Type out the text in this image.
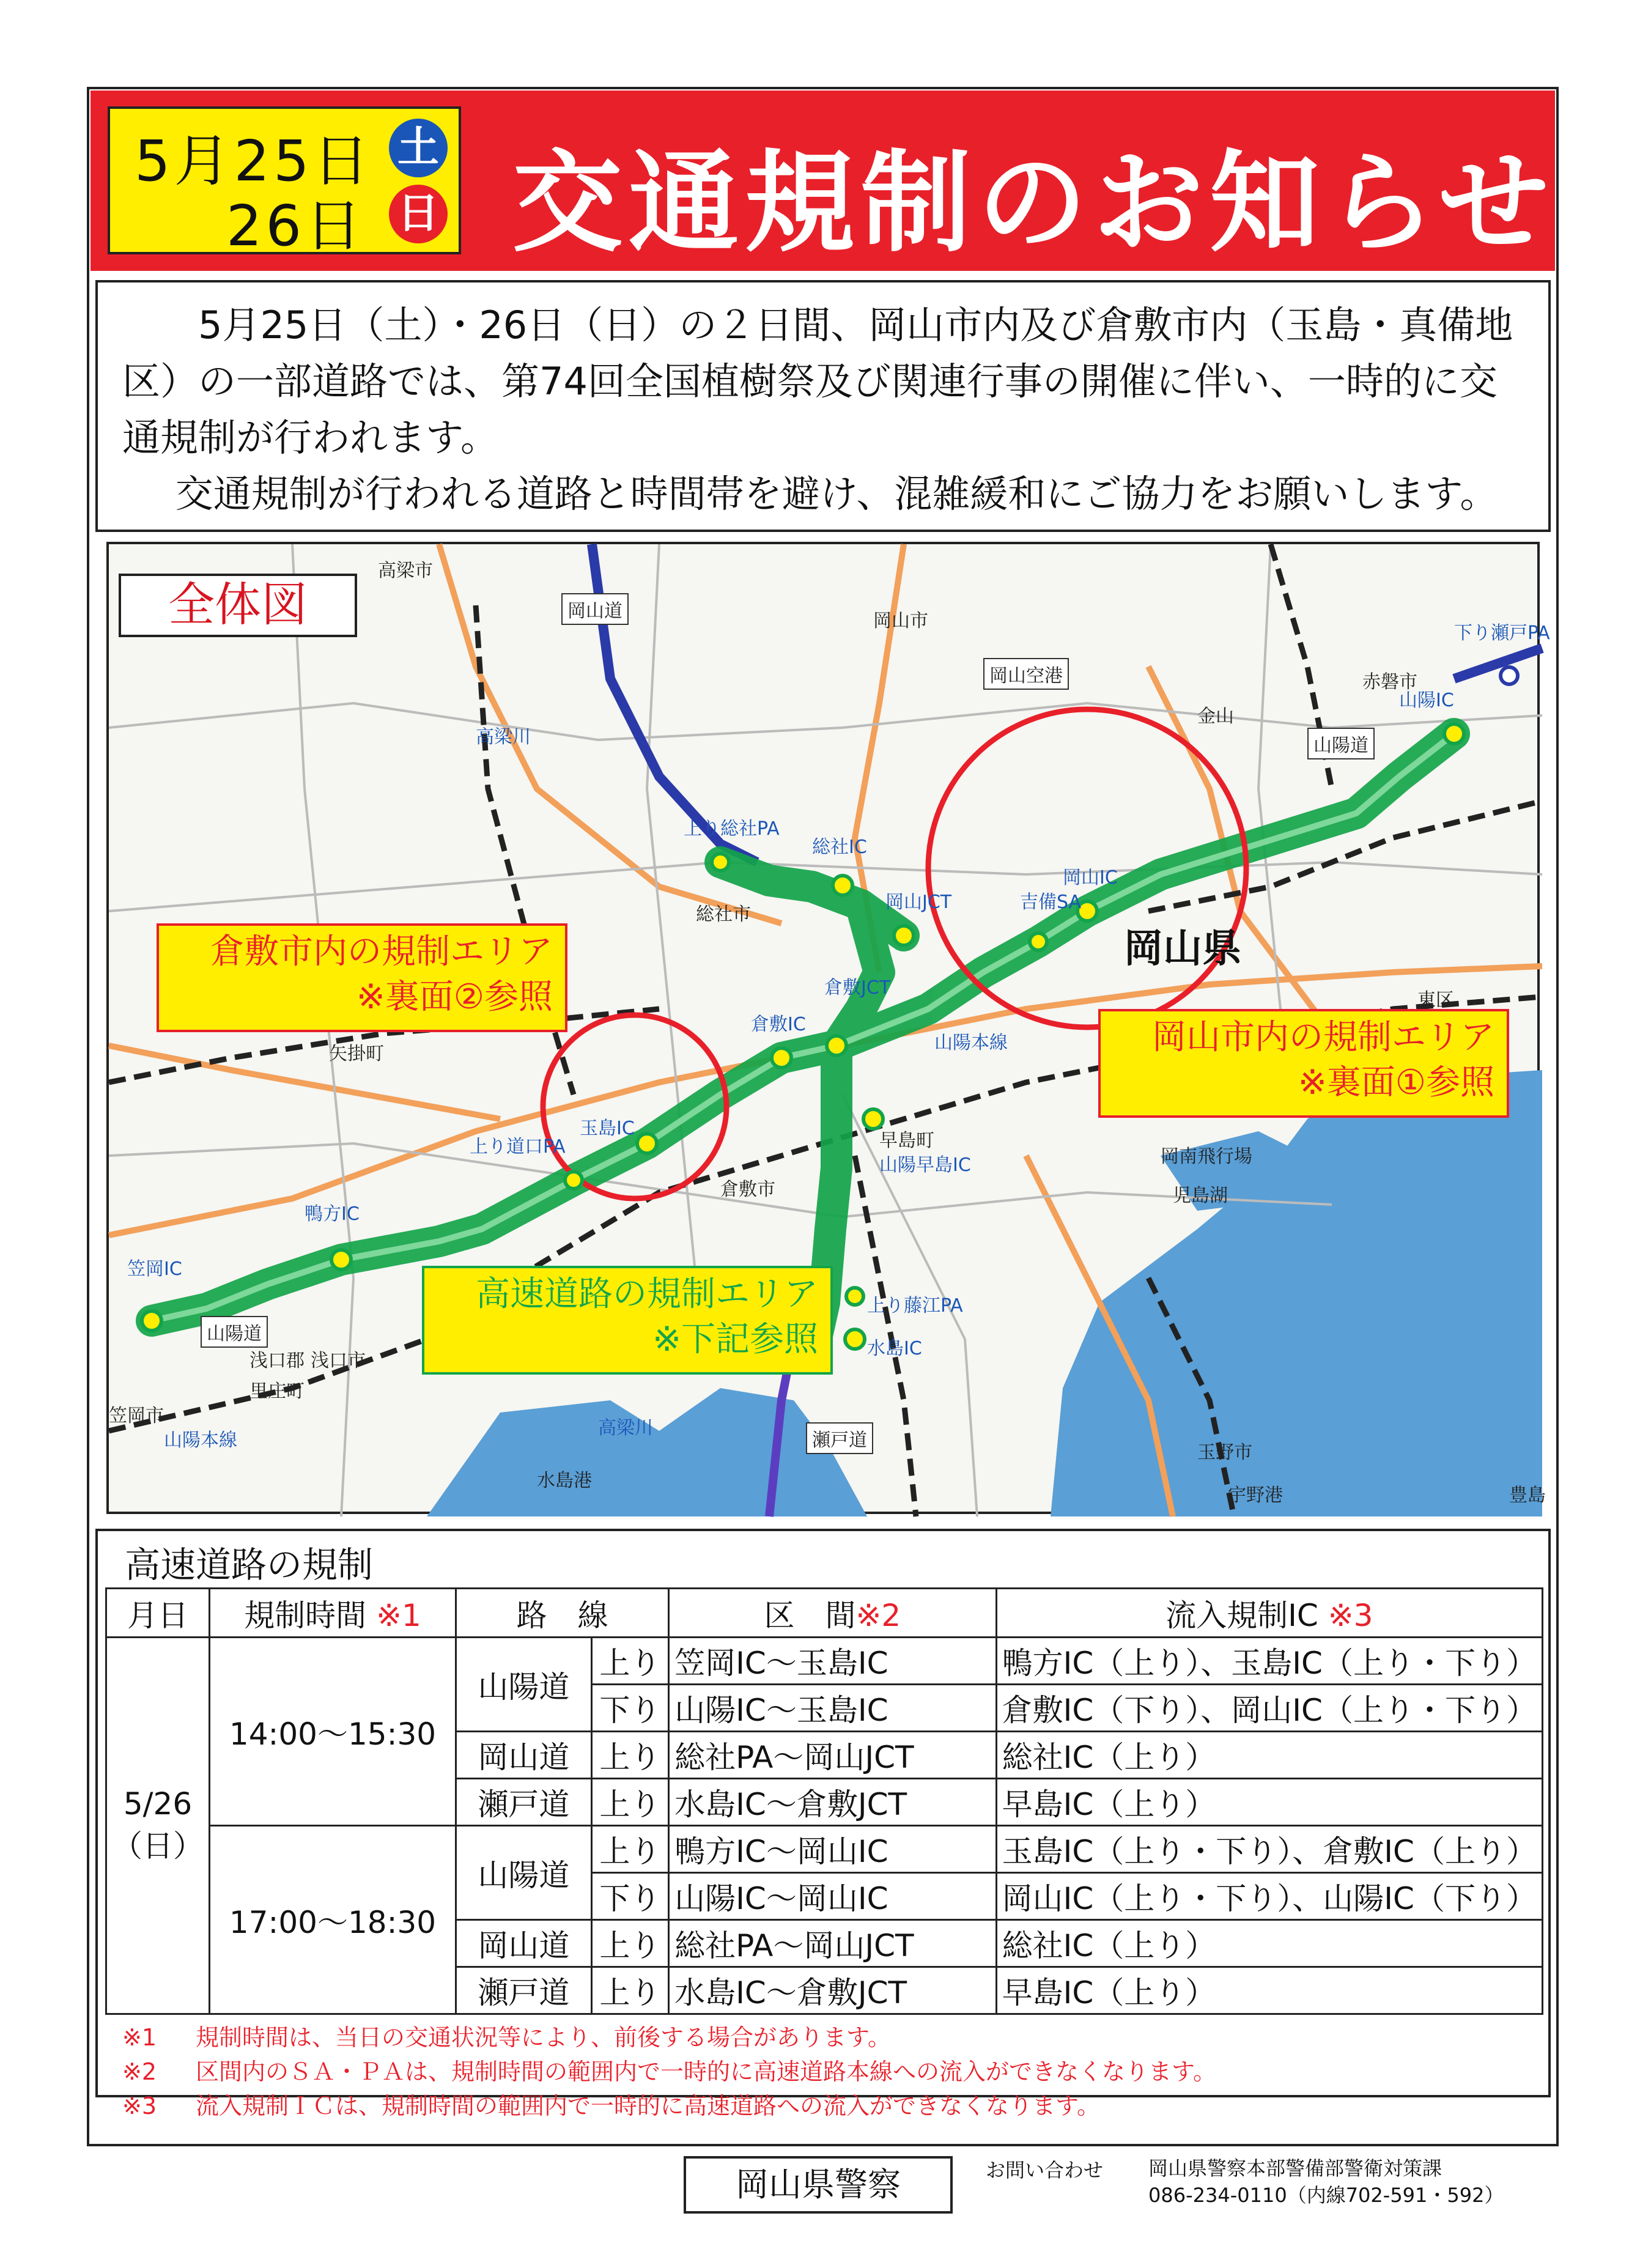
5月25日 土
26日 日 交通規制のお知らせ

5月25日（土）・26日（日）の２日間、岡山市内及び倉敷市内（玉島・真備地区）の一部道路では、第74回全国植樹祭及び関連行事の開催に伴い、一時的に交通規制が行われます。

交通規制が行われる道路と時間帯を避け、混雑緩和にご協力をお願いします。

全体図
倉敷市内の規制エリア
※裏面②参照
岡山市内の規制エリア
※裏面①参照
高速道路の規制エリア
※下記参照
岡山県
高梁市
岡山道	岡山市
高梁川
岡山空港	赤磐市
金山
山陽道
総社市
矢掛町
倉敷市
早島町
児島湖
東区
山陽道
浅口郡 浅口市
里庄町
笠岡市
山陽本線	瀬戸道
水島港
玉野市
宇野港
山陽本線
岡南飛行場
高梁川
豊島
笠岡IC
鴨方IC
上り道口PA
玉島IC
倉敷IC
倉敷JCT
総社IC
上り総社PA
岡山JCT	吉備SA
岡山IC
山陽IC
下り瀬戸PA
山陽早島IC
上り藤江PA
水島IC
高速道路の規制
月日	規制時間 ※1	路　線		区　間※2	流入規制IC ※3

5/26
（日）	14:00～15:30	山陽道	上り	笠岡IC～玉島IC	鴨方IC（上り）、玉島IC（上り・下り）
			下り	山陽IC～玉島IC	倉敷IC（下り）、岡山IC（上り・下り）
		岡山道	上り	総社PA～岡山JCT	総社IC（上り）
		瀬戸道	上り	水島IC～倉敷JCT	早島IC（上り）
	17:00～18:30	山陽道	上り	鴨方IC～岡山IC	玉島IC（上り・下り）、倉敷IC（上り）
			下り	山陽IC～岡山IC	岡山IC（上り・下り）、山陽IC（下り）
		岡山道	上り	総社PA～岡山JCT	総社IC（上り）
		瀬戸道	上り	水島IC～倉敷JCT	早島IC（上り）
※1 規制時間は、当日の交通状況等により、前後する場合があります。
※2 区間内のＳＡ・ＰＡは、規制時間の範囲内で一時的に高速道路本線への流入ができなくなります。
※3 流入規制ＩＣは、規制時間の範囲内で一時的に高速道路への流入ができなくなります。
岡山県警察	お問い合わせ 岡山県警察本部警備部警衛対策課
086-234-0110（内線702-591・592）
